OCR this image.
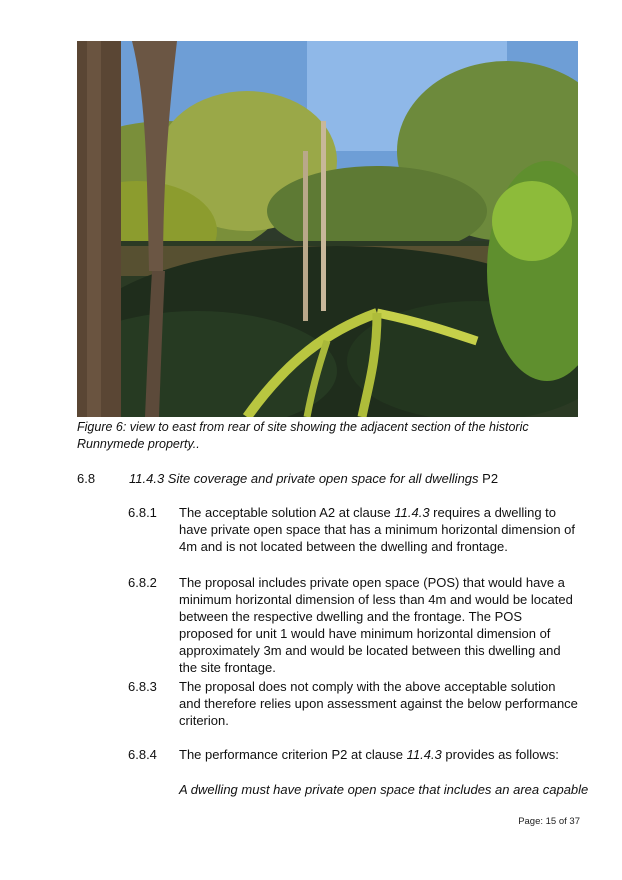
Figure 6: view to east from rear of site showing the adjacent section of the historic Runnymede property..
6.8	11.4.3 Site coverage and private open space for all dwellings P2
6.8.1 The acceptable solution A2 at clause 11.4.3 requires a dwelling to have private open space that has a minimum horizontal dimension of 4m and is not located between the dwelling and frontage.
6.8.2 The proposal includes private open space (POS) that would have a minimum horizontal dimension of less than 4m and would be located between the respective dwelling and the frontage. The POS proposed for unit 1 would have minimum horizontal dimension of approximately 3m and would be located between this dwelling and the site frontage.
6.8.3 The proposal does not comply with the above acceptable solution and therefore relies upon assessment against the below performance criterion.
6.8.4 The performance criterion P2 at clause 11.4.3 provides as follows:
A dwelling must have private open space that includes an area capable
Page: 15 of 37
